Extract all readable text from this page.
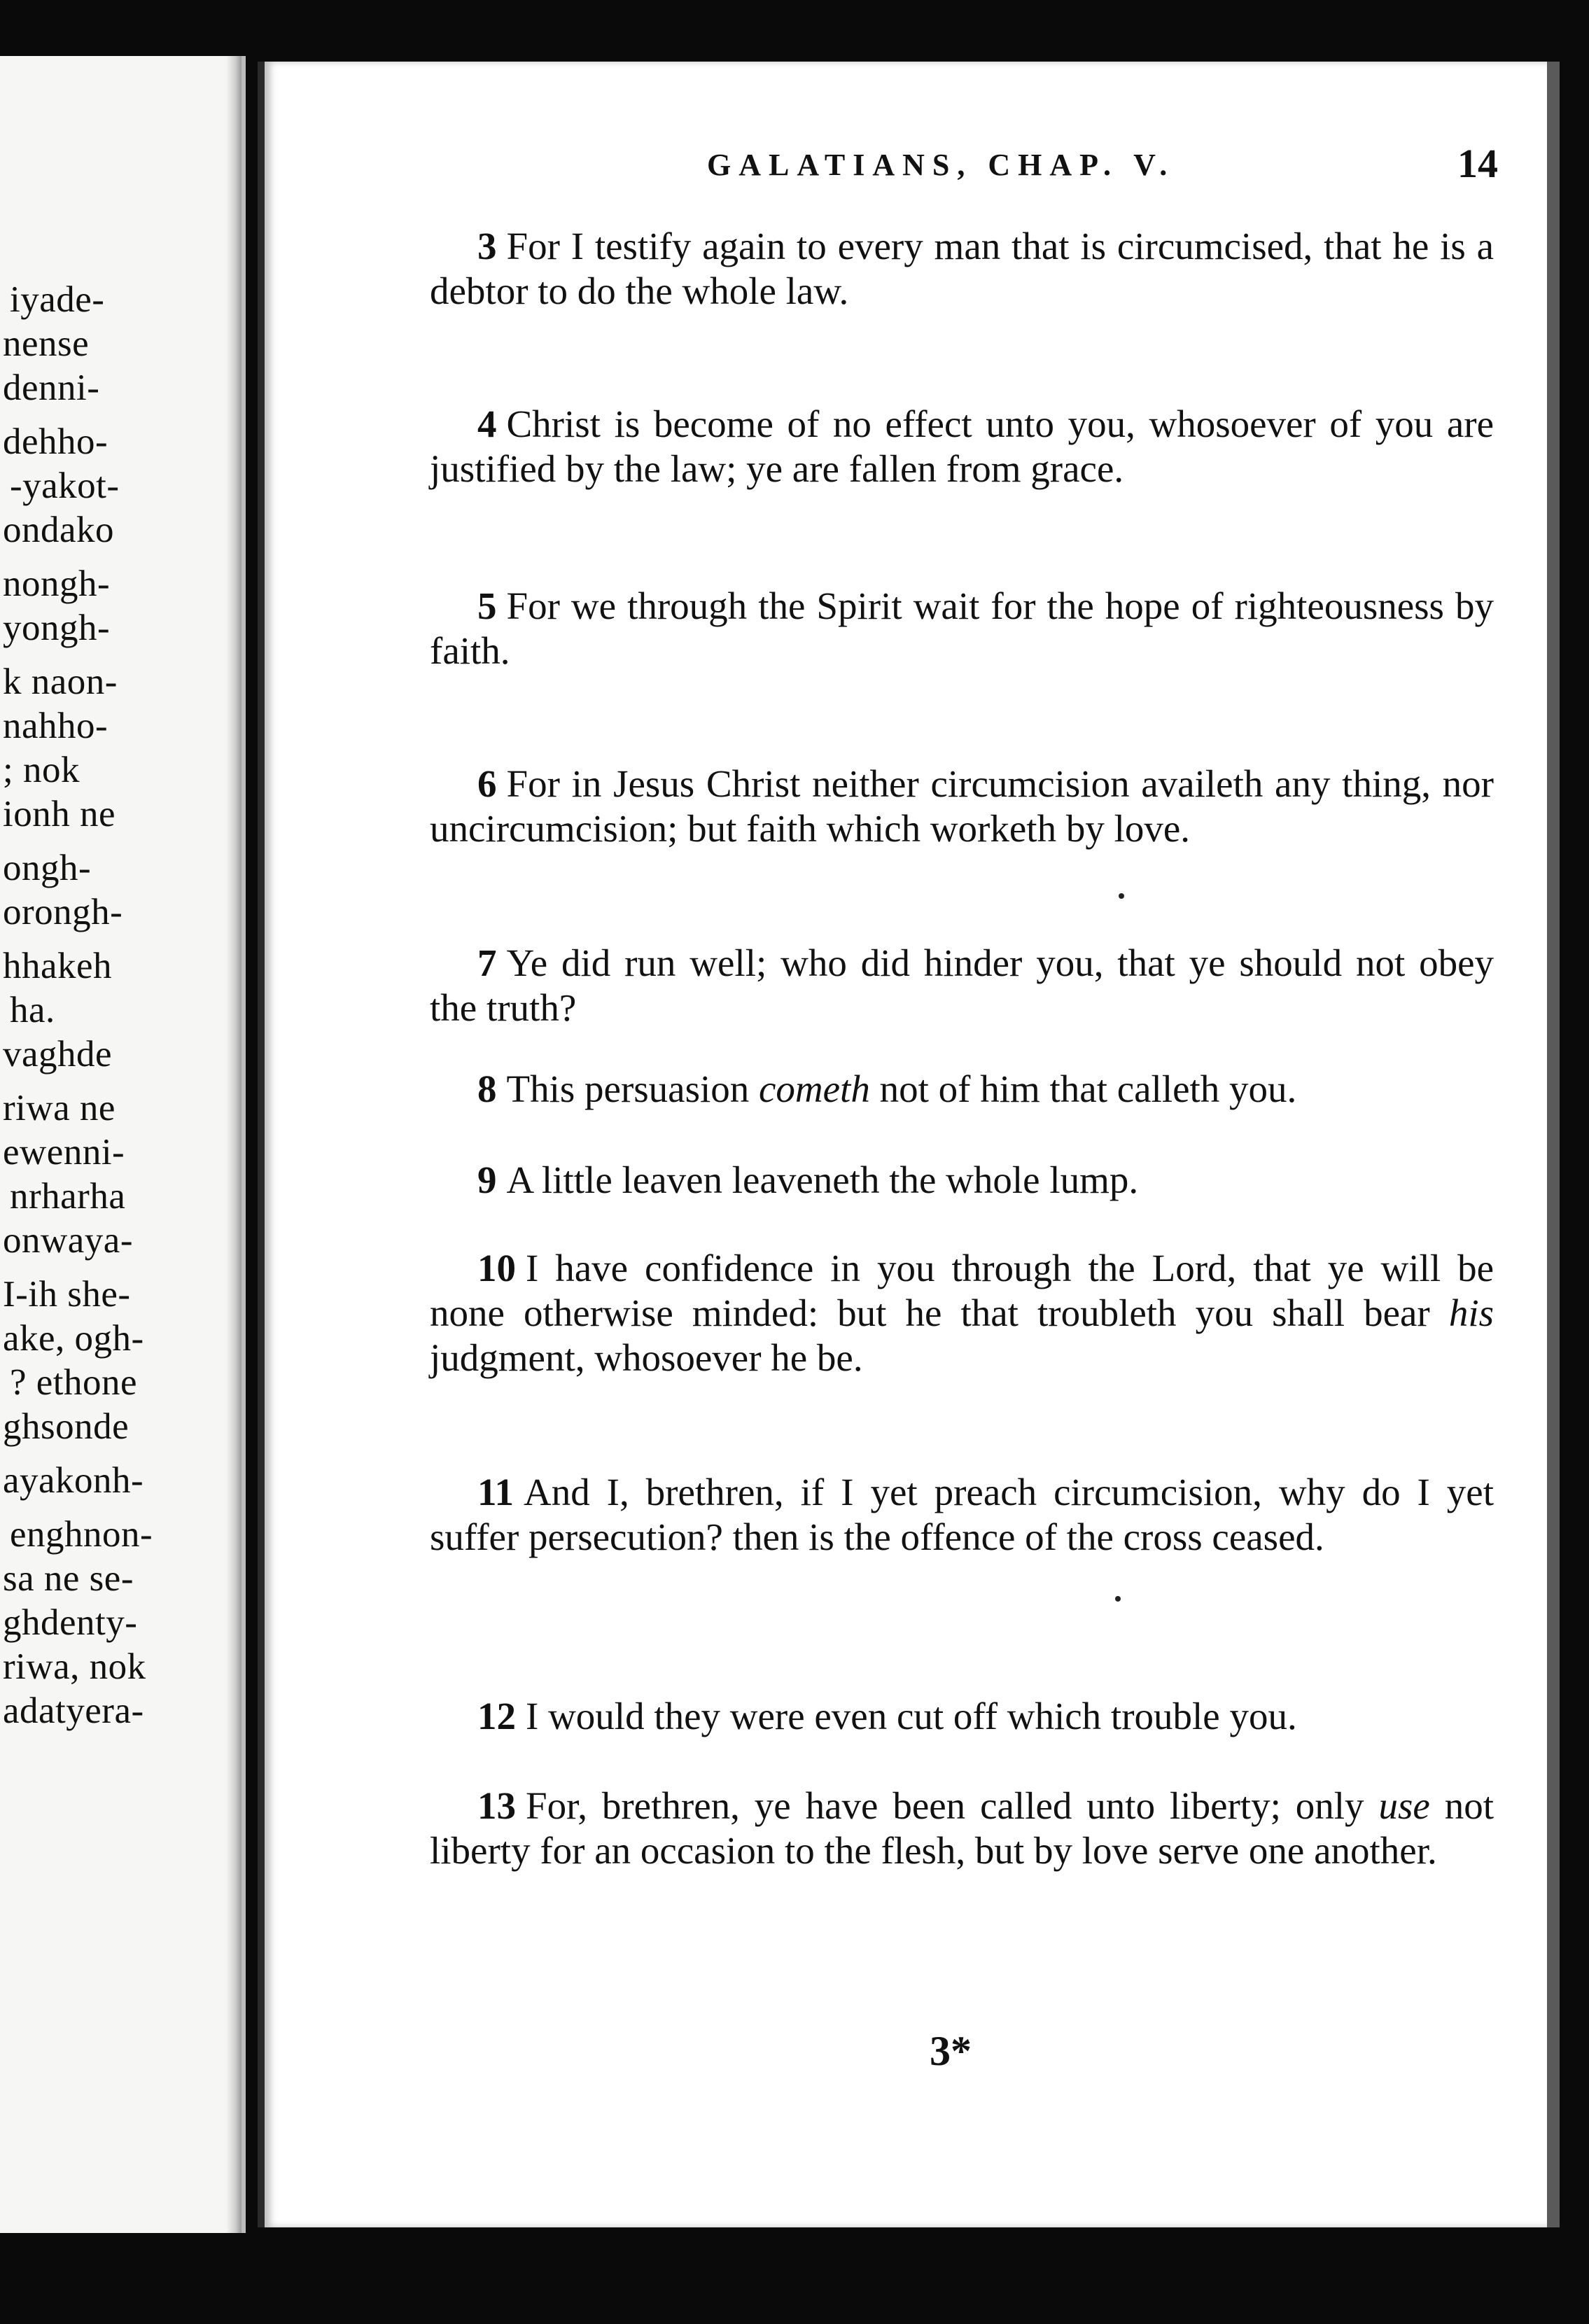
iyade-
nense
denni-
dehho-
-yakot-
ondako
nongh-
yongh-
k naon-
nahho-
; nok
ionh ne
ongh-
orongh-
hhakeh
ha.
vaghde
riwa ne
ewenni-
nrharha
onwaya-
I-ih she-
ake, ogh-
? ethone
ghsonde
ayakonh-
enghnon-
sa ne se-
ghdenty-
riwa, nok
adatyera-
GALATIANS, CHAP. V.	14
3 For I testify again to every man that is circumcised, that he is a debtor to do the whole law.
4 Christ is become of no effect unto you, whosoever of you are justified by the law; ye are fallen from grace.
5 For we through the Spirit wait for the hope of righteousness by faith.
6 For in Jesus Christ neither circumcision availeth any thing, nor uncircumcision; but faith which worketh by love.
7 Ye did run well; who did hinder you, that ye should not obey the truth?
8 This persuasion cometh not of him that calleth you.
9 A little leaven leaveneth the whole lump.
10 I have confidence in you through the Lord, that ye will be none otherwise minded: but he that troubleth you shall bear his judgment, whosoever he be.
11 And I, brethren, if I yet preach circumcision, why do I yet suffer persecution? then is the offence of the cross ceased.
12 I would they were even cut off which trouble you.
13 For, brethren, ye have been called unto liberty; only use not liberty for an occasion to the flesh, but by love serve one another.
3*
